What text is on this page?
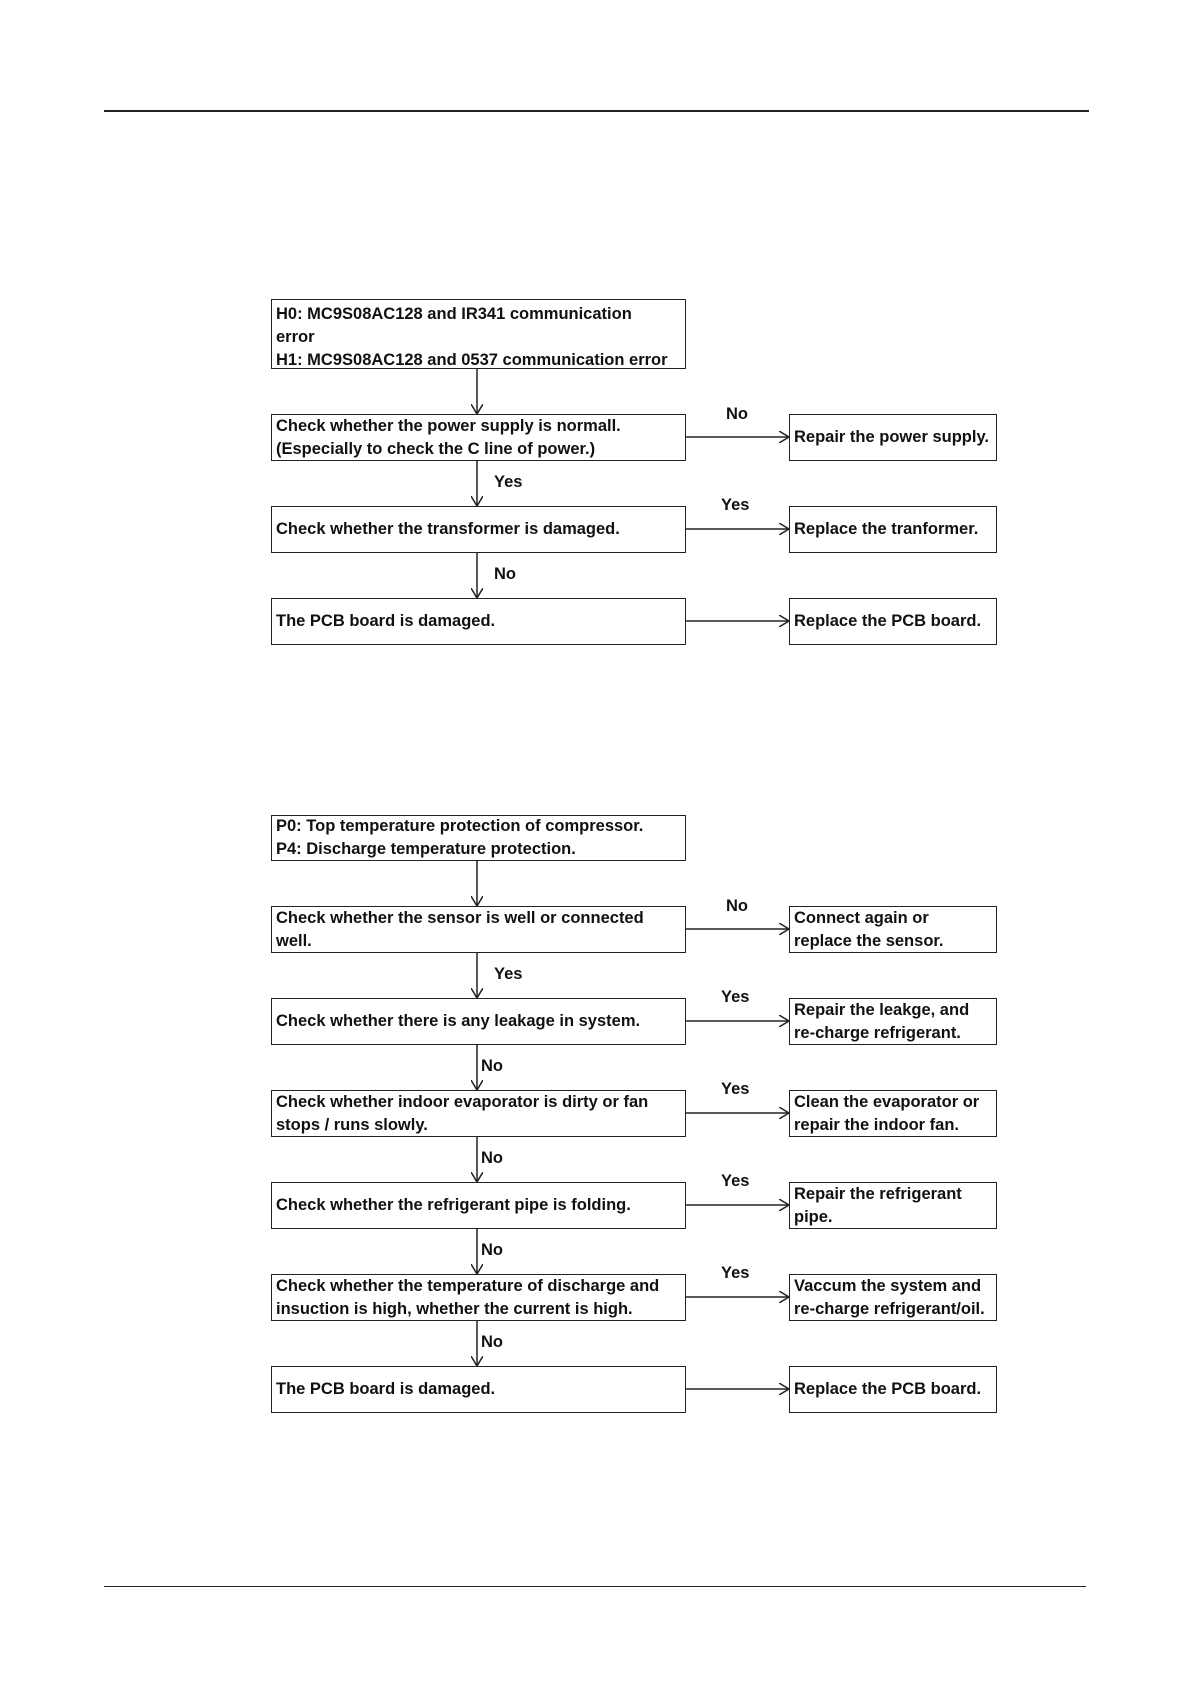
H0: MC9S08AC128 and IR341 communication
error
H1: MC9S08AC128 and 0537 communication error
Check whether the power supply is normall.
(Especially to check the C line of power.)
Check whether the transformer is damaged.
The PCB board is damaged.
Repair the power supply.
Replace the tranformer.
Replace the PCB board.
No
Yes
Yes
No
P0: Top temperature protection of compressor.
P4: Discharge temperature protection.
Check whether the sensor is well or connected
well.
Check whether there is any leakage in system.
Check whether indoor evaporator is dirty or fan
stops / runs slowly.
Check whether the refrigerant pipe is folding.
Check whether the temperature of discharge and
insuction is high, whether the current is high.
The PCB board is damaged.
Connect again or
replace the sensor.
Repair the leakge, and
re-charge refrigerant.
Clean the evaporator or
repair the indoor fan.
Repair the refrigerant
pipe.
Vaccum the system and
re-charge refrigerant/oil.
Replace the PCB board.
No
Yes
Yes
No
Yes
No
Yes
No
Yes
No
